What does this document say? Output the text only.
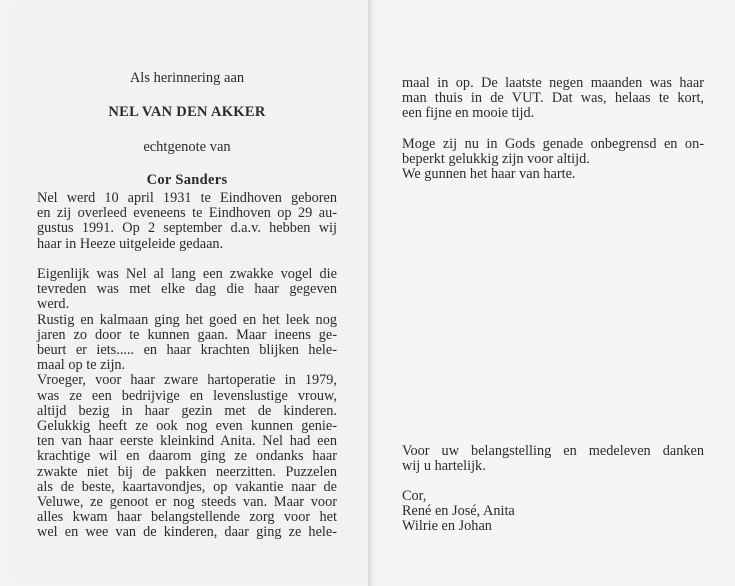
Als herinnering aan
NEL VAN DEN AKKER
echtgenote van
Cor Sanders

Nel werd 10 april 1931 te Eindhoven geboren

en zij overleed eveneens te Eindhoven op 29 au-

gustus 1991. Op 2 september d.a.v. hebben wij

haar in Heeze uitgeleide gedaan.

Eigenlijk was Nel al lang een zwakke vogel die

tevreden was met elke dag die haar gegeven

werd.

Rustig en kalmaan ging het goed en het leek nog

jaren zo door te kunnen gaan. Maar ineens ge-

beurt er iets..... en haar krachten blijken hele-

maal op te zijn.

Vroeger, voor haar zware hartoperatie in 1979,

was ze een bedrijvige en levenslustige vrouw,

altijd bezig in haar gezin met de kinderen.

Gelukkig heeft ze ook nog even kunnen genie-

ten van haar eerste kleinkind Anita. Nel had een

krachtige wil en daarom ging ze ondanks haar

zwakte niet bij de pakken neerzitten. Puzzelen

als de beste, kaartavondjes, op vakantie naar de

Veluwe, ze genoot er nog steeds van. Maar voor

alles kwam haar belangstellende zorg voor het

wel en wee van de kinderen, daar ging ze hele-

maal in op. De laatste negen maanden was haar

man thuis in de VUT. Dat was, helaas te kort,

een fijne en mooie tijd.

Moge zij nu in Gods genade onbegrensd en on-

beperkt gelukkig zijn voor altijd.

We gunnen het haar van harte.

Voor uw belangstelling en medeleven danken

wij u hartelijk.

Cor,

René en José, Anita

Wilrie en Johan
